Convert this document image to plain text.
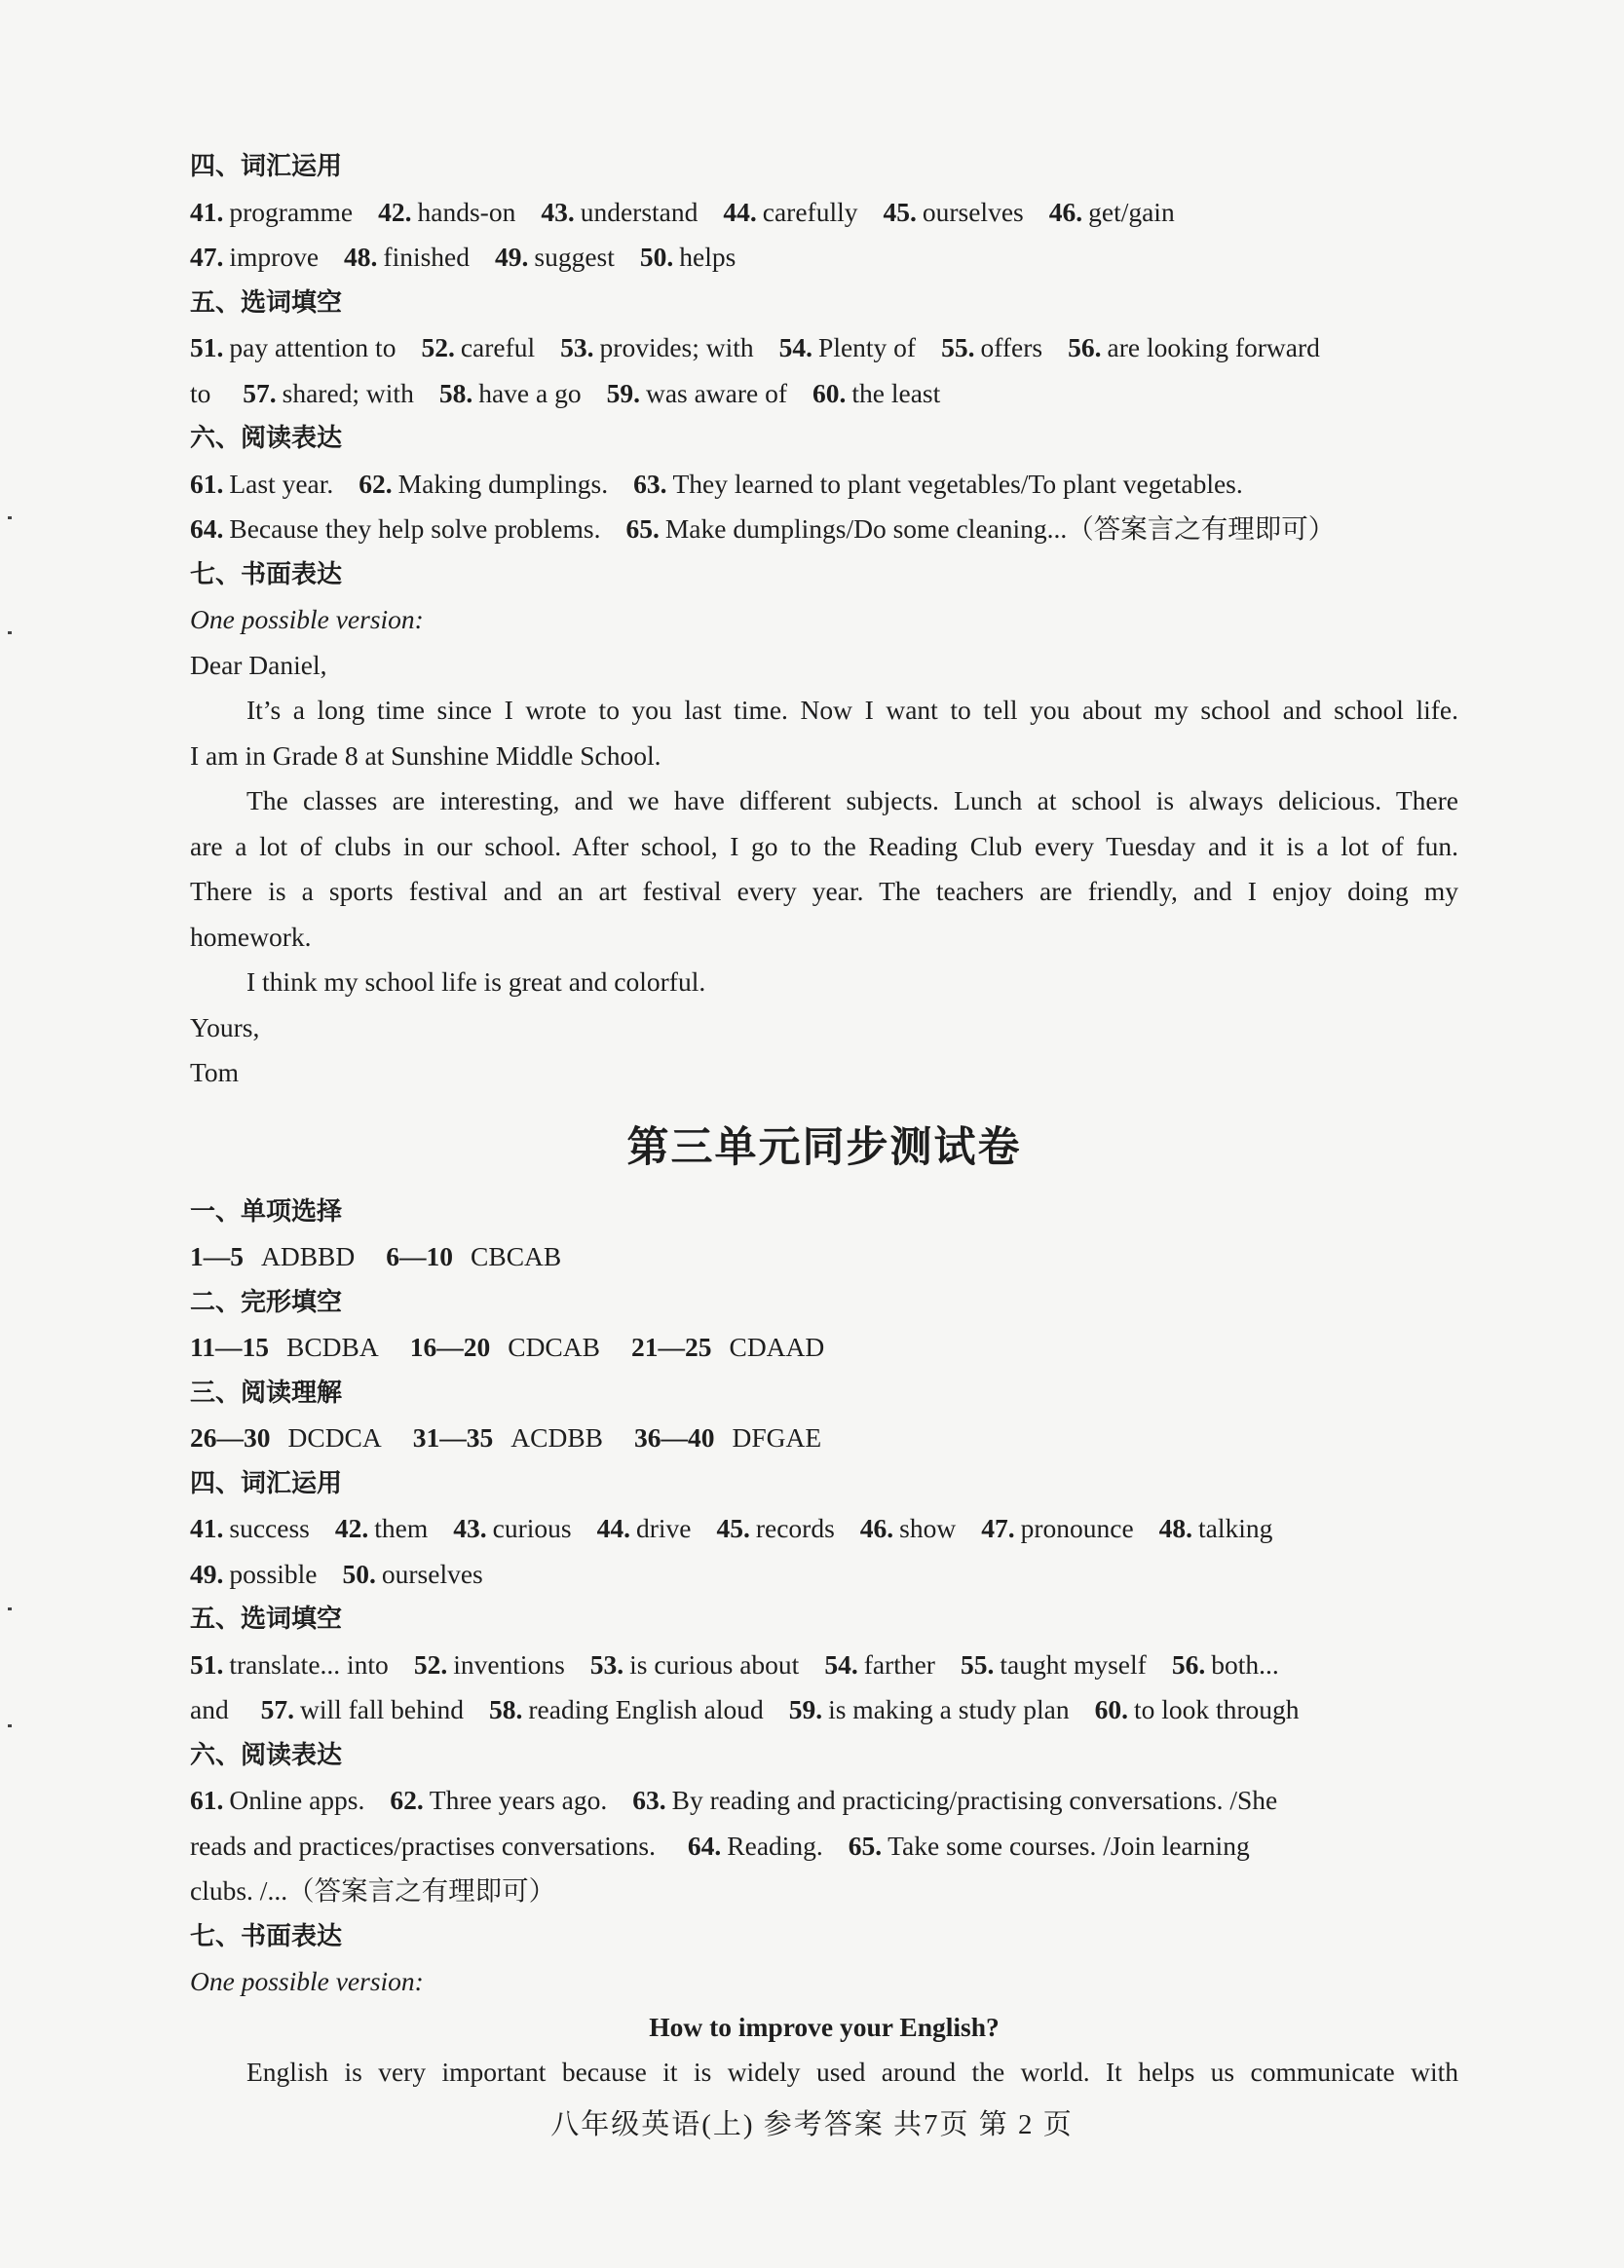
四、词汇运用
41. programme 42. hands-on 43. understand 44. carefully 45. ourselves 46. get/gain
47. improve 48. finished 49. suggest 50. helps
五、选词填空
51. pay attention to 52. careful 53. provides; with 54. Plenty of 55. offers 56. are looking forward
to 57. shared; with 58. have a go 59. was aware of 60. the least
六、阅读表达
61. Last year. 62. Making dumplings. 63. They learned to plant vegetables/To plant vegetables.
64. Because they help solve problems. 65. Make dumplings/Do some cleaning...（答案言之有理即可）
七、书面表达
One possible version:
Dear Daniel,
It’s a long time since I wrote to you last time. Now I want to tell you about my school and school life.
I am in Grade 8 at Sunshine Middle School.
The classes are interesting, and we have different subjects. Lunch at school is always delicious. There
are a lot of clubs in our school. After school, I go to the Reading Club every Tuesday and it is a lot of fun.
There is a sports festival and an art festival every year. The teachers are friendly, and I enjoy doing my
homework.
I think my school life is great and colorful.
Yours,
Tom
第三单元同步测试卷
一、单项选择
1—5 ADBBD 6—10 CBCAB
二、完形填空
11—15 BCDBA 16—20 CDCAB 21—25 CDAAD
三、阅读理解
26—30 DCDCA 31—35 ACDBB 36—40 DFGAE
四、词汇运用
41. success 42. them 43. curious 44. drive 45. records 46. show 47. pronounce 48. talking
49. possible 50. ourselves
五、选词填空
51. translate... into 52. inventions 53. is curious about 54. farther 55. taught myself 56. both...
and 57. will fall behind 58. reading English aloud 59. is making a study plan 60. to look through
六、阅读表达
61. Online apps. 62. Three years ago. 63. By reading and practicing/practising conversations. /She
reads and practices/practises conversations. 64. Reading. 65. Take some courses. /Join learning
clubs. /...（答案言之有理即可）
七、书面表达
One possible version:
How to improve your English?
English is very important because it is widely used around the world. It helps us communicate with
八年级英语(上) 参考答案 共7页 第 2 页
